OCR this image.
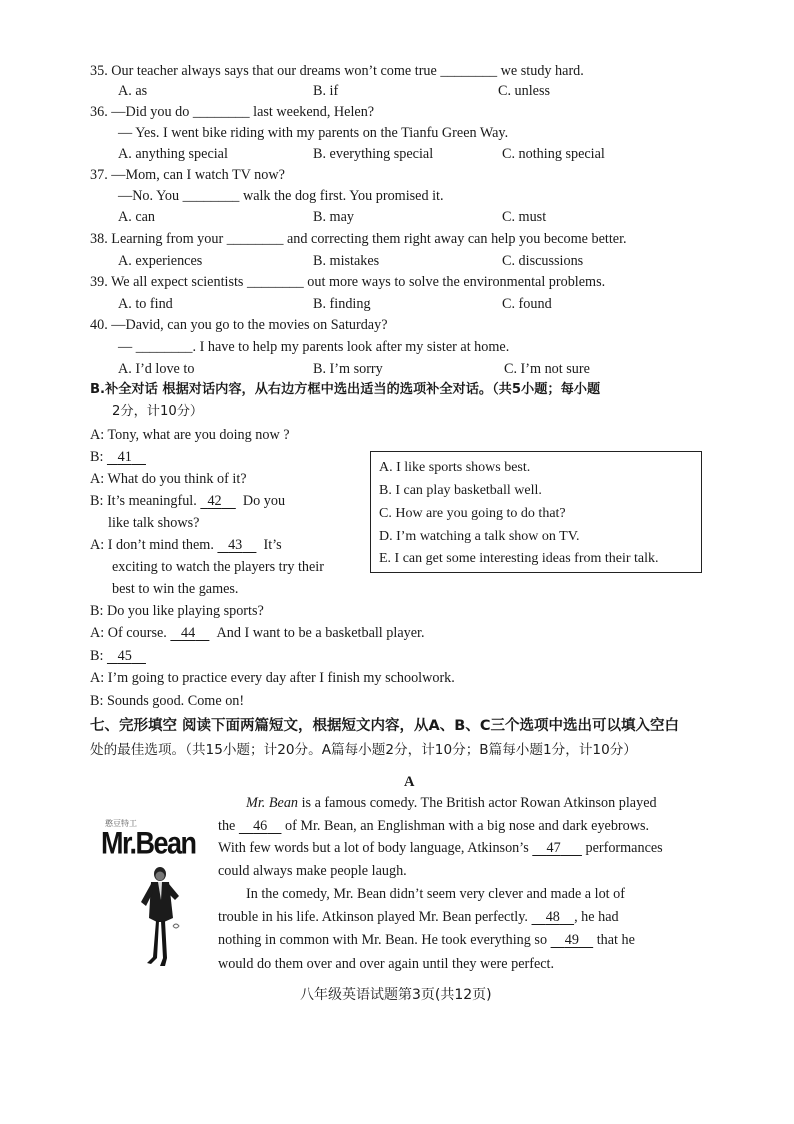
35. Our teacher always says that our dreams won’t come true ________ we study hard.
A. as	B. if	C. unless
36. —Did you do ________ last weekend, Helen?
— Yes. I went bike riding with my parents on the Tianfu Green Way.
A. anything special	B. everything special	C. nothing special
37. —Mom, can I watch TV now?
—No. You ________ walk the dog first. You promised it.
A. can	B. may	C. must
38. Learning from your ________ and correcting them right away can help you become better.
A. experiences	B. mistakes	C. discussions
39. We all expect scientists ________ out more ways to solve the environmental problems.
A. to find	B. finding	C. found
40. —David, can you go to the movies on Saturday?
— ________. I have to help my parents look after my sister at home.
A. I’d love to	B. I’m sorry	C. I’m not sure
B.补全对话 根据对话内容，从右边方框中选出适当的选项补全对话。（共5小题；每小题
2分，计10分）
A: Tony, what are you doing now ?
B:    41
A: What do you think of it?
B: It’s meaningful.   42 Do you
like talk shows?
A: I don’t mind them.    43 It’s
exciting to watch the players try their
best to win the games.
B: Do you like playing sports?
A: Of course.    44 And I want to be a basketball player.
B:    45
A: I’m going to practice every day after I finish my schoolwork.
B: Sounds good. Come on!
A. I like sports shows best.
B. I can play basketball well.
C. How are you going to do that?
D. I’m watching a talk show on TV.
E. I can get some interesting ideas from their talk.
七、完形填空 阅读下面两篇短文，根据短文内容，从A、B、C三个选项中选出可以填入空白
处的最佳选项。（共15小题；计20分。A篇每小题2分，计10分；B篇每小题1分，计10分）
A
憨豆特工
Mr.Bean
Mr. Bean is a famous comedy. The British actor Rowan Atkinson played
the     46     of Mr. Bean, an Englishman with a big nose and dark eyebrows.
With few words but a lot of body language, Atkinson’s     47       performances
could always make people laugh.
In the comedy, Mr. Bean didn’t seem very clever and made a lot of
trouble in his life. Atkinson played Mr. Bean perfectly.     48 , he had
nothing in common with Mr. Bean. He took everything so     49     that he
would do them over and over again until they were perfect.
八年级英语试题第3页(共12页)
